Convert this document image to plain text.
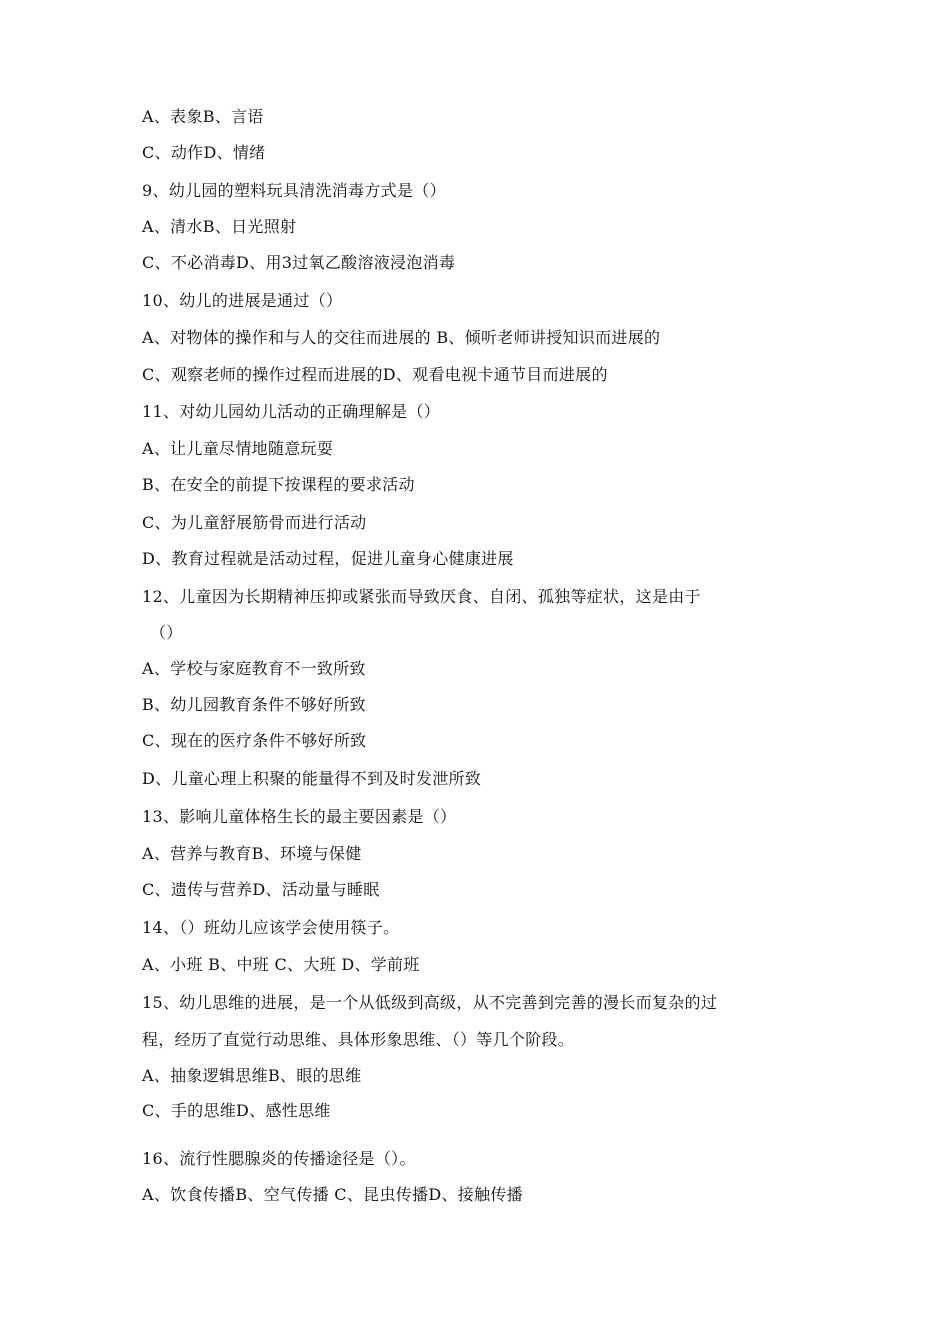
A、表象B、言语
C、动作D、情绪
9、幼儿园的塑料玩具清洗消毒方式是（）
A、清水B、日光照射
C、不必消毒D、用3过氧乙酸溶液浸泡消毒
10、幼儿的进展是通过（）
A、对物体的操作和与人的交往而进展的 B、倾听老师讲授知识而进展的
C、观察老师的操作过程而进展的D、观看电视卡通节目而进展的
11、对幼儿园幼儿活动的正确理解是（）
A、让儿童尽情地随意玩耍
B、在安全的前提下按课程的要求活动
C、为儿童舒展筋骨而进行活动
D、教育过程就是活动过程，促进儿童身心健康进展
12、儿童因为长期精神压抑或紧张而导致厌食、自闭、孤独等症状，这是由于
（）
A、学校与家庭教育不一致所致
B、幼儿园教育条件不够好所致
C、现在的医疗条件不够好所致
D、儿童心理上积聚的能量得不到及时发泄所致
13、影响儿童体格生长的最主要因素是（）
A、营养与教育B、环境与保健
C、遗传与营养D、活动量与睡眠
14、（）班幼儿应该学会使用筷子。
A、小班 B、中班 C、大班 D、学前班
15、幼儿思维的进展，是一个从低级到高级，从不完善到完善的漫长而复杂的过
程，经历了直觉行动思维、具体形象思维、（）等几个阶段。
A、抽象逻辑思维B、眼的思维
C、手的思维D、感性思维
16、流行性腮腺炎的传播途径是（）。
A、饮食传播B、空气传播 C、昆虫传播D、接触传播
